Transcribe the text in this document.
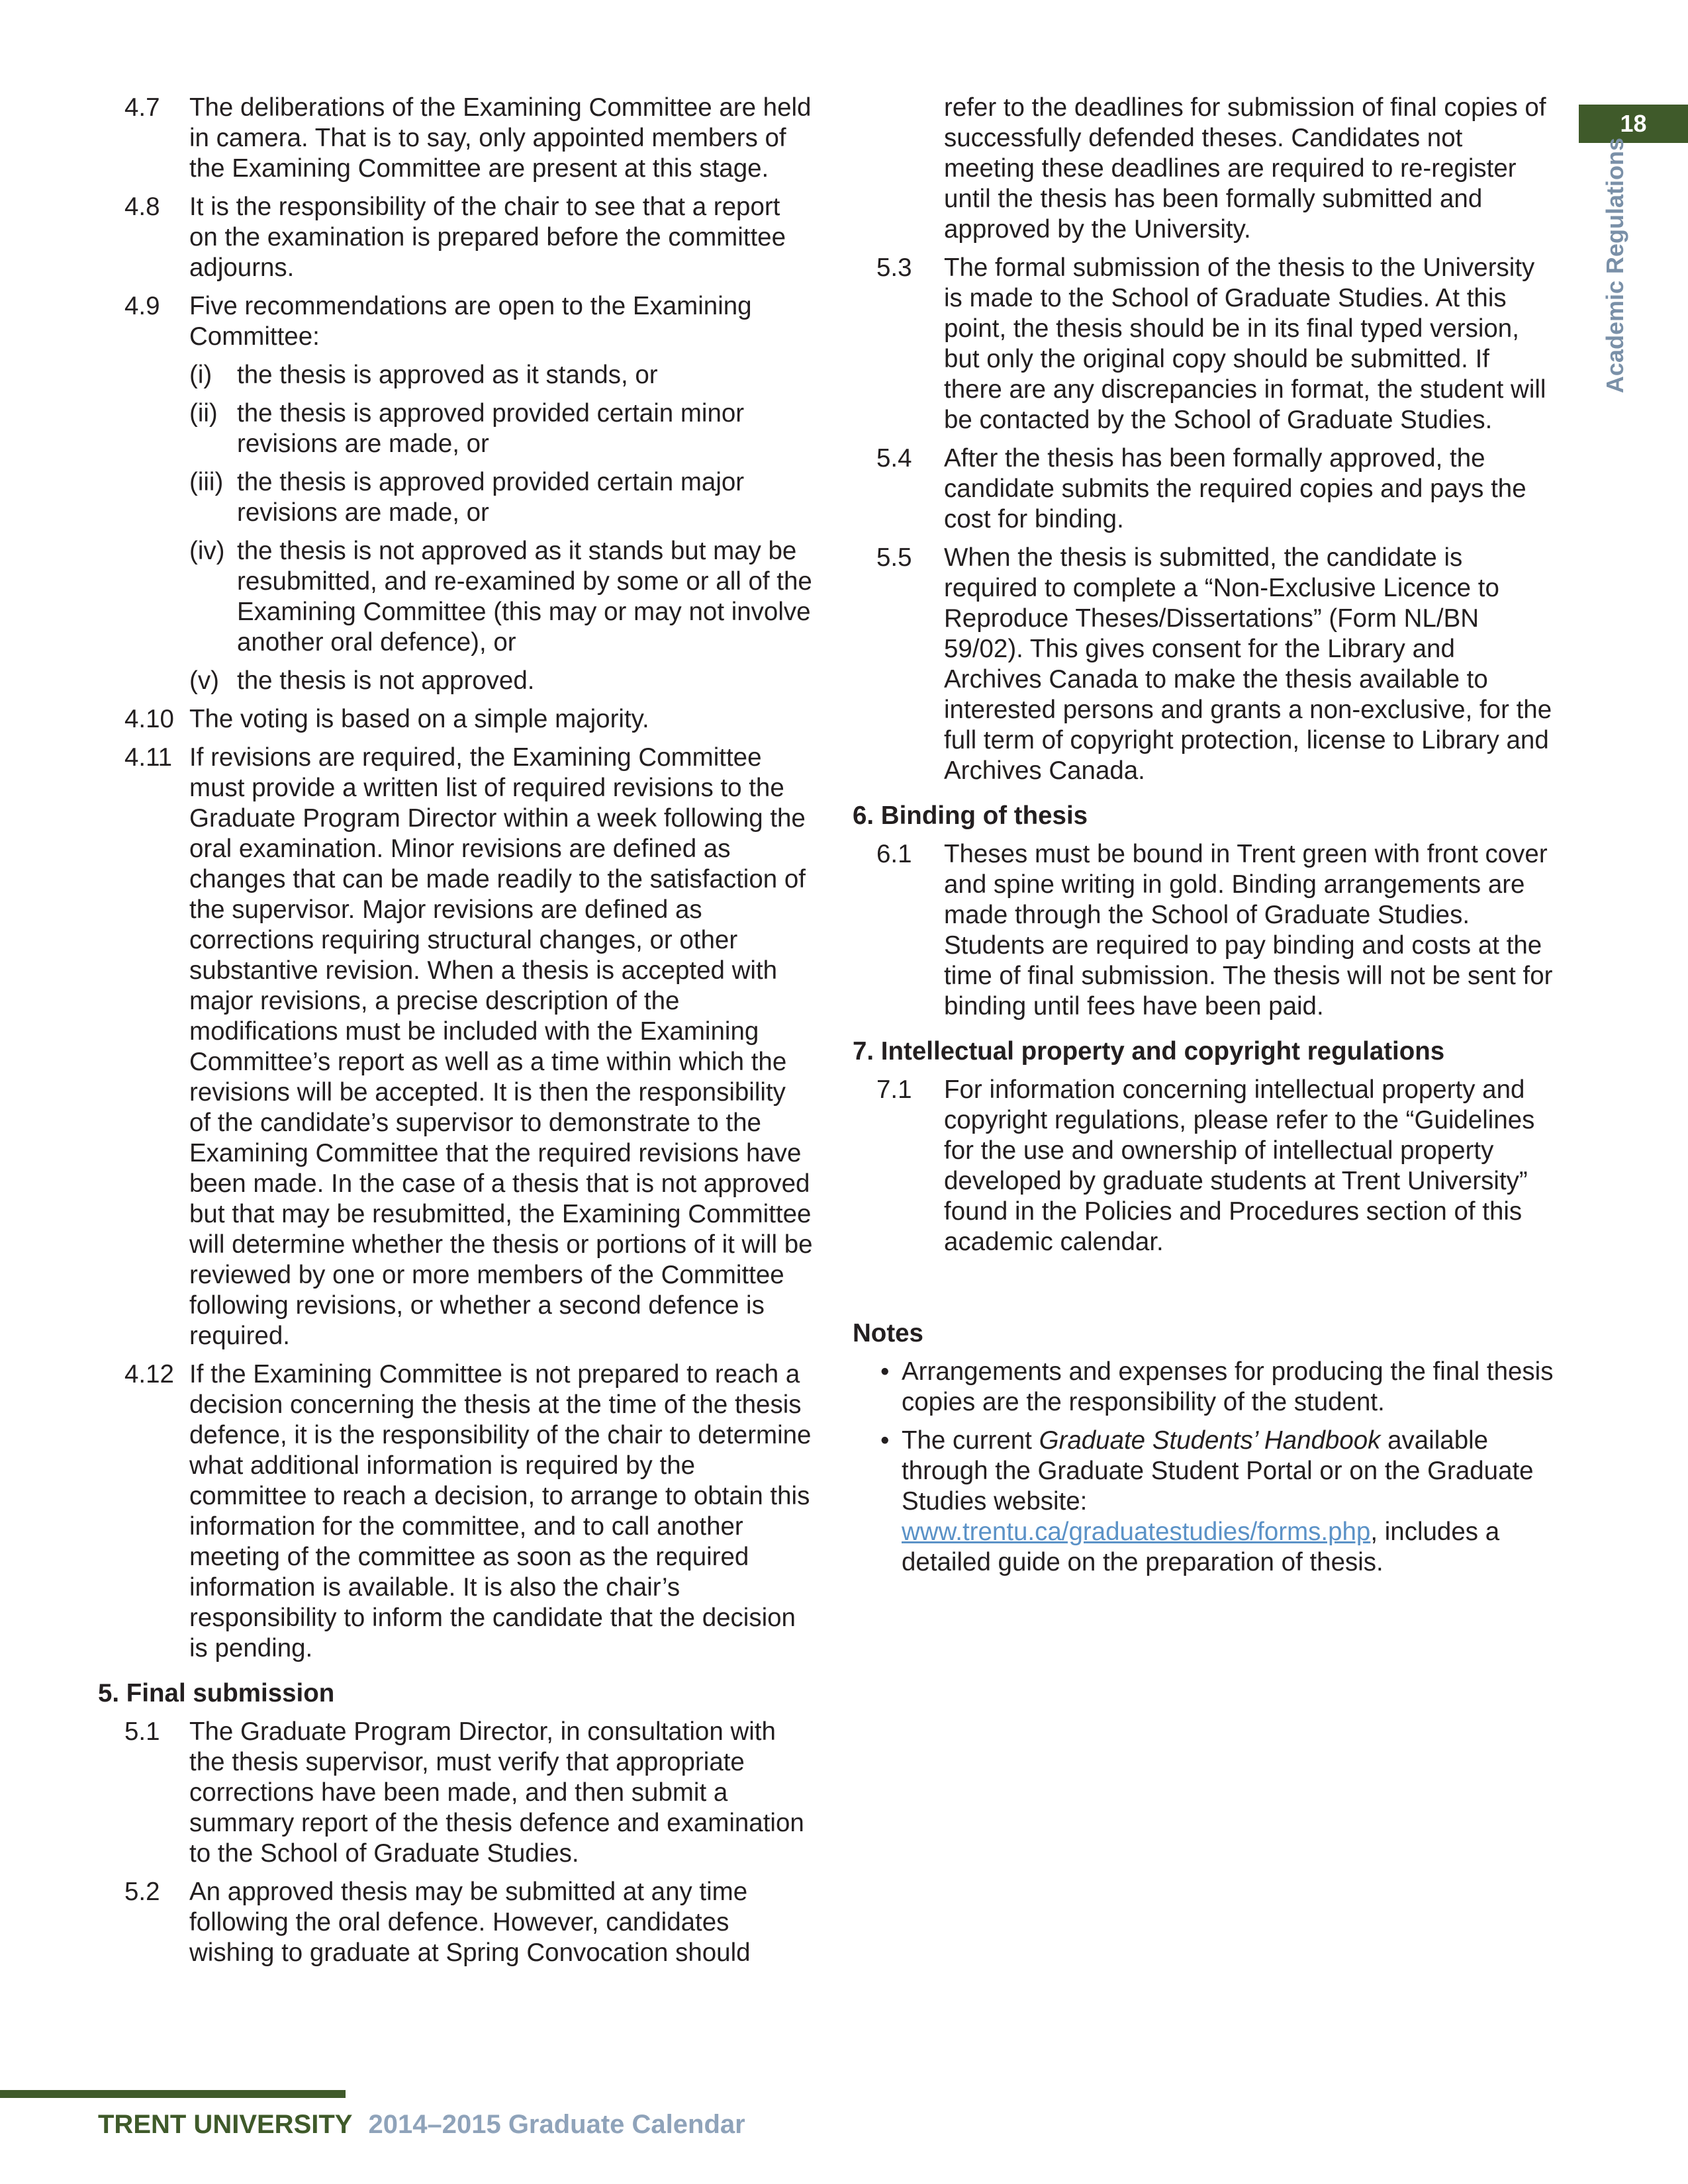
18
Academic Regulations
4.7 The deliberations of the Examining Committee are held in camera. That is to say, only appointed members of the Examining Committee are present at this stage.
4.8 It is the responsibility of the chair to see that a report on the examination is prepared before the committee adjourns.
4.9 Five recommendations are open to the Examining Committee:
(i) the thesis is approved as it stands, or
(ii) the thesis is approved provided certain minor revisions are made, or
(iii) the thesis is approved provided certain major revisions are made, or
(iv) the thesis is not approved as it stands but may be resubmitted, and re-examined by some or all of the Examining Committee (this may or may not involve another oral defence), or
(v) the thesis is not approved.
4.10 The voting is based on a simple majority.
4.11 If revisions are required, the Examining Committee must provide a written list of required revisions to the Graduate Program Director within a week following the oral examination. Minor revisions are defined as changes that can be made readily to the satisfaction of the supervisor. Major revisions are defined as corrections requiring structural changes, or other substantive revision. When a thesis is accepted with major revisions, a precise description of the modifications must be included with the Examining Committee’s report as well as a time within which the revisions will be accepted. It is then the responsibility of the candidate’s supervisor to demonstrate to the Examining Committee that the required revisions have been made. In the case of a thesis that is not approved but that may be resubmitted, the Examining Committee will determine whether the thesis or portions of it will be reviewed by one or more members of the Committee following revisions, or whether a second defence is required.
4.12 If the Examining Committee is not prepared to reach a decision concerning the thesis at the time of the thesis defence, it is the responsibility of the chair to determine what additional information is required by the committee to reach a decision, to arrange to obtain this information for the committee, and to call another meeting of the committee as soon as the required information is available. It is also the chair’s responsibility to inform the candidate that the decision is pending.
5. Final submission
5.1 The Graduate Program Director, in consultation with the thesis supervisor, must verify that appropriate corrections have been made, and then submit a summary report of the thesis defence and examination to the School of Graduate Studies.
5.2 An approved thesis may be submitted at any time following the oral defence. However, candidates wishing to graduate at Spring Convocation should
refer to the deadlines for submission of final copies of successfully defended theses. Candidates not meeting these deadlines are required to re-register until the thesis has been formally submitted and approved by the University.
5.3 The formal submission of the thesis to the University is made to the School of Graduate Studies. At this point, the thesis should be in its final typed version, but only the original copy should be submitted. If there are any discrepancies in format, the student will be contacted by the School of Graduate Studies.
5.4 After the thesis has been formally approved, the candidate submits the required copies and pays the cost for binding.
5.5 When the thesis is submitted, the candidate is required to complete a “Non-Exclusive Licence to Reproduce Theses/Dissertations” (Form NL/BN 59/02). This gives consent for the Library and Archives Canada to make the thesis available to interested persons and grants a non-exclusive, for the full term of copyright protection, license to Library and Archives Canada.
6. Binding of thesis
6.1 Theses must be bound in Trent green with front cover and spine writing in gold. Binding arrangements are made through the School of Graduate Studies. Students are required to pay binding and costs at the time of final submission. The thesis will not be sent for binding until fees have been paid.
7. Intellectual property and copyright regulations
7.1 For information concerning intellectual property and copyright regulations, please refer to the “Guidelines for the use and ownership of intellectual property developed by graduate students at Trent University” found in the Policies and Procedures section of this academic calendar.
Notes
• Arrangements and expenses for producing the final thesis copies are the responsibility of the student.
• The current Graduate Students’ Handbook available through the Graduate Student Portal or on the Graduate Studies website: www.trentu.ca/graduatestudies/forms.php, includes a detailed guide on the preparation of thesis.
TRENT UNIVERSITY 2014–2015 Graduate Calendar
